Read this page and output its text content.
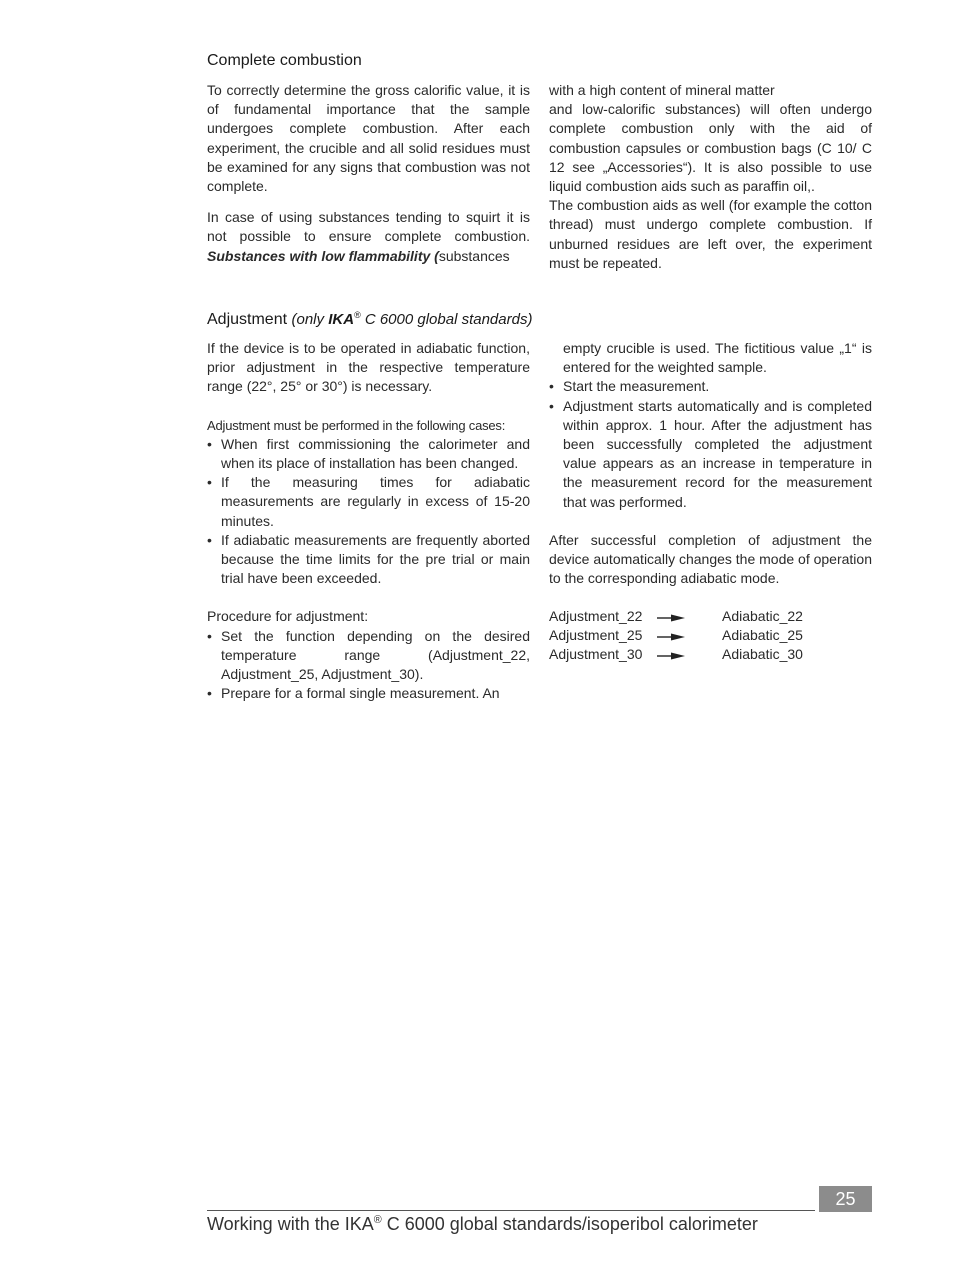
Complete combustion

To correctly determine the gross calorific value, it is of fundamental importance that the sample undergoes complete combustion. After each experiment, the crucible and all solid residues must be examined for any signs that combustion was not complete.

In case of using substances tending to squirt it is not possible to ensure complete combustion. Substances with low flammability (substances

with a high content of mineral matter

and low-calorific substances) will often undergo complete combustion only with the aid of combustion capsules or combustion bags (C 10/ C 12 see „Accessories“). It is also possible to use liquid combustion aids such as paraffin oil,.

The combustion aids as well (for example the cotton thread) must undergo complete combustion. If unburned residues are left over, the experiment must be repeated.

Adjustment (only IKA® C 6000 global standards)

If the device is to be operated in adiabatic function, prior adjustment in the respective temperature range (22°, 25° or 30°) is necessary.

Adjustment must be performed in the following cases:

• When first commissioning the calorimeter and when its place of installation has been changed.
• If the measuring times for adiabatic measurements are regularly in excess of 15-20 minutes.
• If adiabatic measurements are frequently aborted because the time limits for the pre trial or main trial have been exceeded.

Procedure for adjustment:

• Set the function depending on the desired temperature range (Adjustment_22, Adjustment_25, Adjustment_30).
• Prepare for a formal single measurement. An

empty crucible is used. The fictitious value „1“ is entered for the weighted sample.

• Start the measurement.
• Adjustment starts automatically and is completed within approx. 1 hour. After the adjustment has been successfully completed the adjustment value appears as an increase in temperature in the measurement record for the measurement that was performed.

After successful completion of adjustment the device automatically changes the mode of operation to the corresponding adiabatic mode.

Adjustment_22	Adiabatic_22
Adjustment_25	Adiabatic_25
Adjustment_30	Adiabatic_30
25
Working with the IKA® C 6000 global standards/isoperibol calorimeter
